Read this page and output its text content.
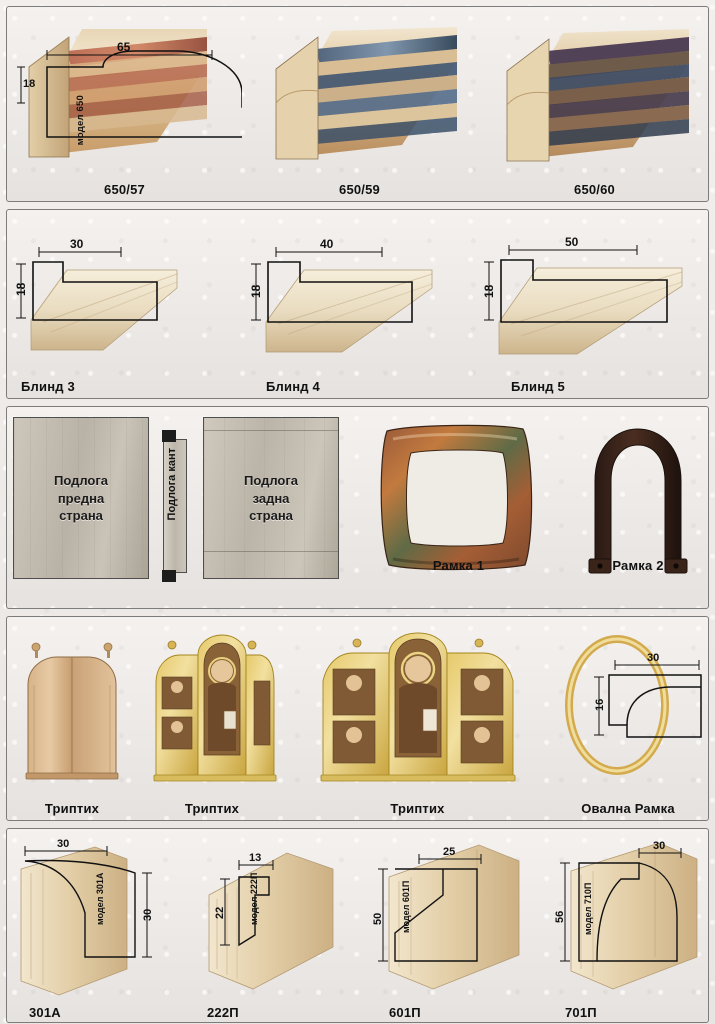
18
65
модел 650
650/57	650/59	650/60
30
18
Блинд 3
40
18
Блинд 4
50
18
Блинд 5
Подлога
предна
страна	Подлога кант	Подлога
задна
страна
Рамка 1	Рамка 2
Триптих	Триптих
ХС
Триптих
30
16
Овална Рамка
30
30
модел 301А
301А
13
22	модел 222П
222П
25
50 модел 601П
601П
30
56 модел 710П
701П
